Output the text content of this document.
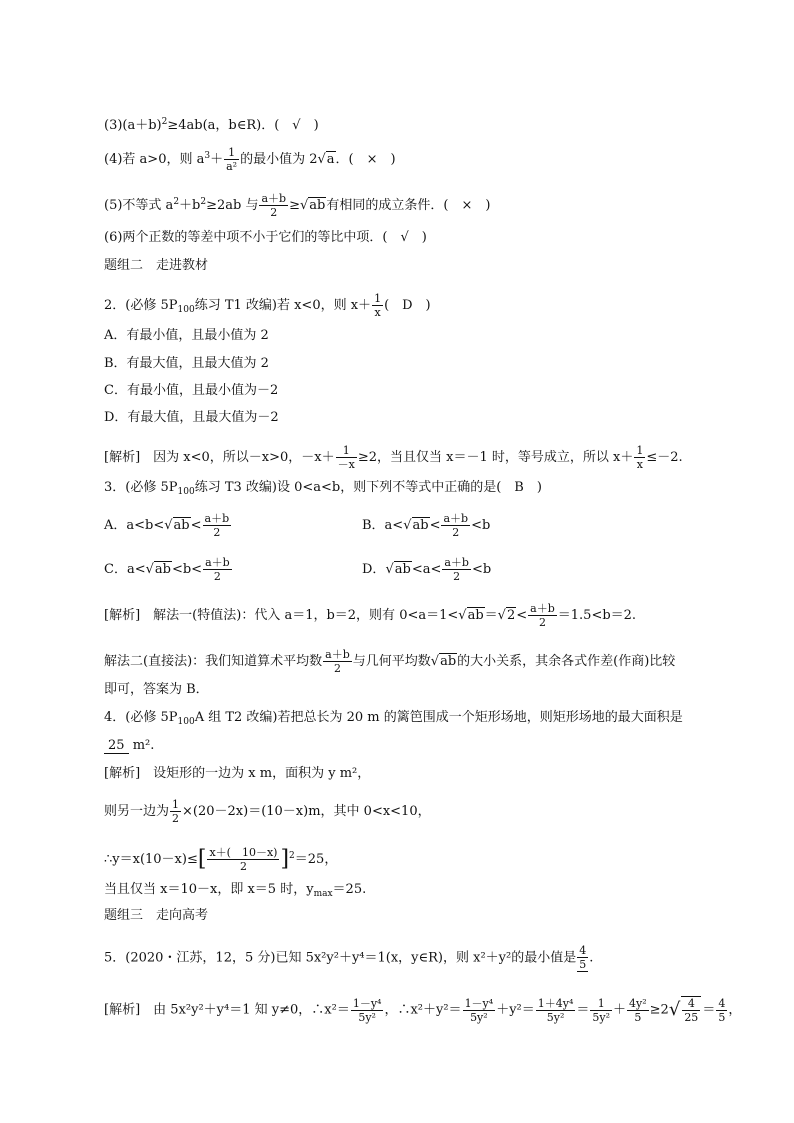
$(3)(a+b)^2\ge 4ab(a$，b∈R)．(　√　)
(4)若 a>0，则 $a^3+ \frac{1}{\text{a²}}$ 的最小值为 2√a．(　×　)
(5)不等式 $a^2+b^2\ge 2ab$ 与 $\frac{a+b}{2} \ge√ab$有相同的成立条件．(　×　)
(6)两个正数的等差中项不小于它们的等比中项．(　√　)
题组二　走进教材
2．(必修 $5P_{100}$练习 T1 改编)若 x<0，则 $x+ \frac{1}{x}$ (　D　)
A．有最小值，且最小值为 2
B．有最大值，且最大值为 2
C．有最小值，且最小值为－2
D．有最大值，且最大值为－2
[解析]　 因为 x<0，所以－x>0，$-x+ \frac{1}{-x} \ge 2$，当且仅当 x＝－1 时，等号成立，所以 $x+ \frac{1}{x} \le-2$.
3．(必修 $5P_{100}$练习 T3 改编)设 0<a<b，则下列不等式中正确的是(　B　)
A．$a<b<√ab< \frac{a+b}{2}$	B．$a<√ab< \frac{a+b}{2} <b$
C．$a<√ab<b< \frac{a+b}{2}$	D．$√ab<a< \frac{a+b}{2} <b$
[解析]　 解法一(特值法)：代入 a＝1，b＝2，则有 $0<a=1<√ab=√2< \frac{a+b}{2} =1.5<b=2$.
解法二(直接法)：我们知道算术平均数 $\frac{a+b}{2}$ 与几何平均数√ab的大小关系，其余各式作差(作商)比较
即可，答案为 B．
4．(必修 $5P_{100}A$ 组 T2 改编)若把总长为 20 m 的篱笆围成一个矩形场地，则矩形场地的最大面积是
25 m².
[解析]　 设矩形的一边为 x m，面积为 y m²，
则另一边为 $\frac{1}{2} \times(20-2x)=(10-x)m$，其中 0<x<10，
∴y＝x(10－x)≤[ $\frac{x+( 10-x)}{2} ]^2=25$，
当且仅当 x＝10－x，即 x＝5 时，$y_{max}=25$.
题组三　走向高考
5．(2020・江苏，12，5 分)已知 5x²y²＋y⁴＝1(x，y∈R)，则 x²＋y²的最小值是 $\frac{4}{5}$ .
[解析]　 由 5x²y²＋y⁴＝1 知 y≠0，∴x²＝ $\frac{\text{1－y⁴}}{\text{5y²}}$ ，∴x²＋y²＝ $\frac{\text{1－y⁴}}{\text{5y²}} +y^2= \frac{\text{1＋4y⁴}}{\text{5y²}} = \frac{1}{\text{5y²}} + \frac{\text{4y²}}{5} \ge 2√ \frac{4}{25} = \frac{4}{5}$ ，
